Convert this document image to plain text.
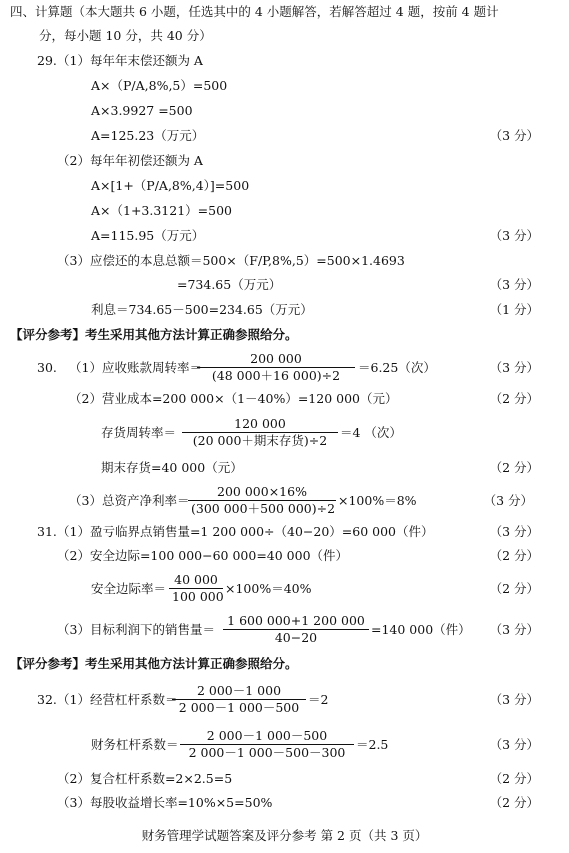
四、计算题（本大题共 6 小题，任选其中的 4 小题解答，若解答超过 4 题，按前 4 题计
分，每小题 10 分，共 40 分）
29. （1）每年年末偿还额为 A
A×（P/A,8%,5）=500
A×3.9927 =500
A=125.23（万元）	（3 分）
（2）每年年初偿还额为 A
A×[1+（P/A,8%,4）]=500
A×（1+3.3121）=500
A=115.95（万元）	（3 分）
（3）应偿还的本息总额＝500×（F/P,8%,5）=500×1.4693
=734.65（万元）	（3 分）
利息＝734.65－500=234.65（万元）	（1 分）
【评分参考】考生采用其他方法计算正确参照给分。
30. （1）应收账款周转率＝
$\frac{200 000}{(48 000+16 000)\div 2} =6.25$（次）	（3 分）
（2）营业成本=200 000×（1－40%）=120 000（元）	（2 分）
存货周转率＝
120 000
(20 000＋期末存货)÷2
＝4 （次）
期末存货=40 000（元）	（2 分）
（3）总资产净利率＝
$\frac{200 000\times 16\%}{(300 000+500 000)\div 2} \times 100\%=8\%$	（3 分）
31. （1）盈亏临界点销售量=1 200 000÷（40−20）=60 000（件）	（3 分）
（2）安全边际=100 000−60 000=40 000（件）	（2 分）
安全边际率＝ $\frac{40 000}{100 000} \times 100\%=40\%$	（2 分）
（3）目标利润下的销售量＝ $\frac{1 600 000+1 200 000}{40-20} =140$ 000（件） （3 分）
【评分参考】考生采用其他方法计算正确参照给分。
32. （1）经营杠杆系数＝
$\frac{2 000-1 000}{2 000-1 000-500} =2$	（3 分）
财务杠杆系数＝ $\frac{2 000-1 000-500}{2 000-1 000-500-300} =2.5$	（3 分）
（2）复合杠杆系数=2×2.5=5	（2 分）
（3）每股收益增长率=10%×5=50%	（2 分）
财务管理学试题答案及评分参考 第 2 页（共 3 页）
